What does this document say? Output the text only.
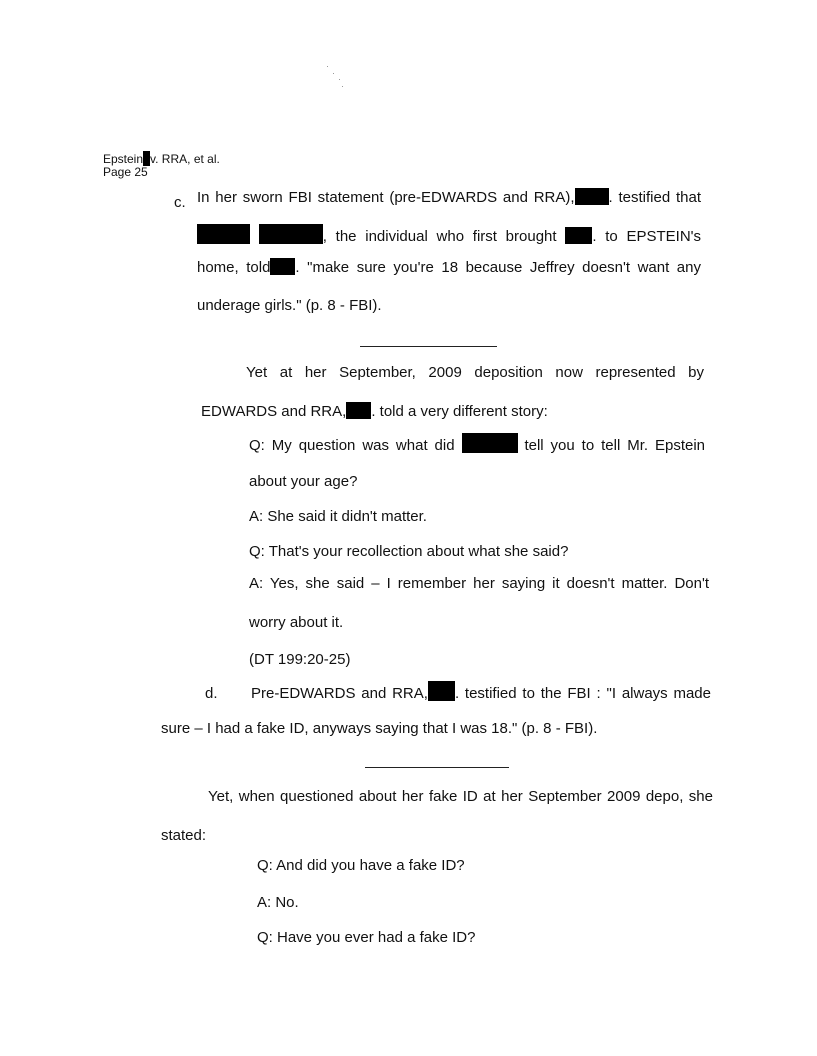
Epstein v. RRA, et al.
Page 25
c. In her sworn FBI statement (pre-EDWARDS and RRA), . testified that
, the individual who first brought . to EPSTEIN's
home, told . "make sure you're 18 because Jeffrey doesn't want any
underage girls." (p. 8 - FBI).
Yet at her September, 2009 deposition now represented by
EDWARDS and RRA, . told a very different story:
Q: My question was what did	tell you to tell Mr. Epstein
about your age?
A: She said it didn't matter.
Q: That's your recollection about what she said?
A: Yes, she said – I remember her saying it doesn't matter. Don't
worry about it.
(DT 199:20-25)
d. Pre-EDWARDS and RRA, . testified to the FBI : "I always made
sure – I had a fake ID, anyways saying that I was 18." (p. 8 - FBI).
Yet, when questioned about her fake ID at her September 2009 depo, she
stated:
Q: And did you have a fake ID?
A: No.
Q: Have you ever had a fake ID?
